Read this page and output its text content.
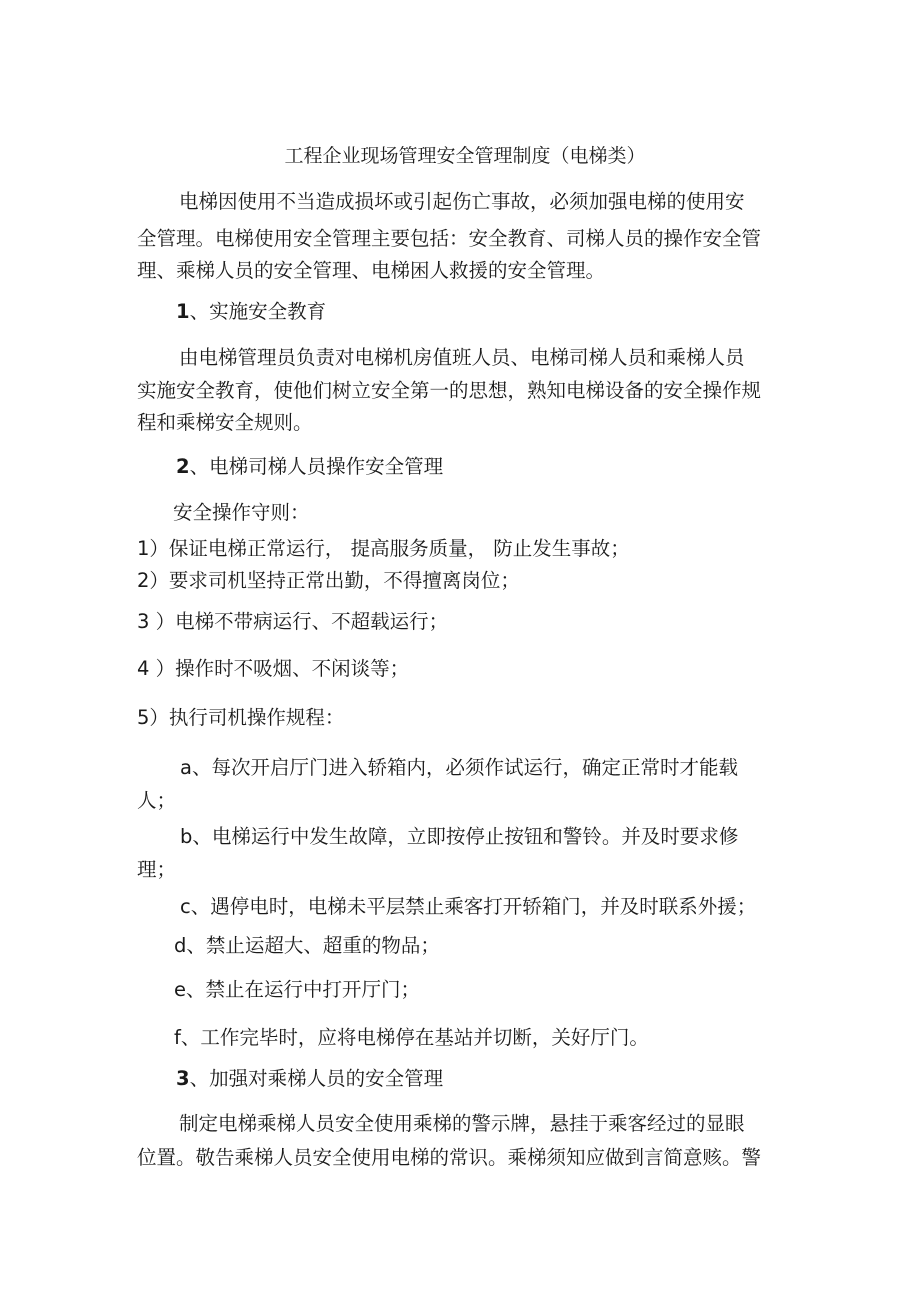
工程企业现场管理安全管理制度（电梯类）
电梯因使用不当造成损坏或引起伤亡事故，必须加强电梯的使用安
全管理。电梯使用安全管理主要包括：安全教育、司梯人员的操作安全管
理、乘梯人员的安全管理、电梯困人救援的安全管理。
1、实施安全教育
由电梯管理员负责对电梯机房值班人员、电梯司梯人员和乘梯人员
实施安全教育，使他们树立安全第一的思想，熟知电梯设备的安全操作规
程和乘梯安全规则。
2、电梯司梯人员操作安全管理
安全操作守则：
1）保证电梯正常运行， 提高服务质量， 防止发生事故；
2）要求司机坚持正常出勤，不得擅离岗位；
3 ）电梯不带病运行、不超载运行；
4 ）操作时不吸烟、不闲谈等；
5）执行司机操作规程：
a、每次开启厅门进入轿箱内，必须作试运行，确定正常时才能载
人；
b、电梯运行中发生故障，立即按停止按钮和警铃。并及时要求修
理；
c、遇停电时，电梯未平层禁止乘客打开轿箱门，并及时联系外援；
d、禁止运超大、超重的物品；
e、禁止在运行中打开厅门；
f、工作完毕时，应将电梯停在基站并切断，关好厅门。
3、加强对乘梯人员的安全管理
制定电梯乘梯人员安全使用乘梯的警示牌，悬挂于乘客经过的显眼
位置。敬告乘梯人员安全使用电梯的常识。乘梯须知应做到言简意赅。警
